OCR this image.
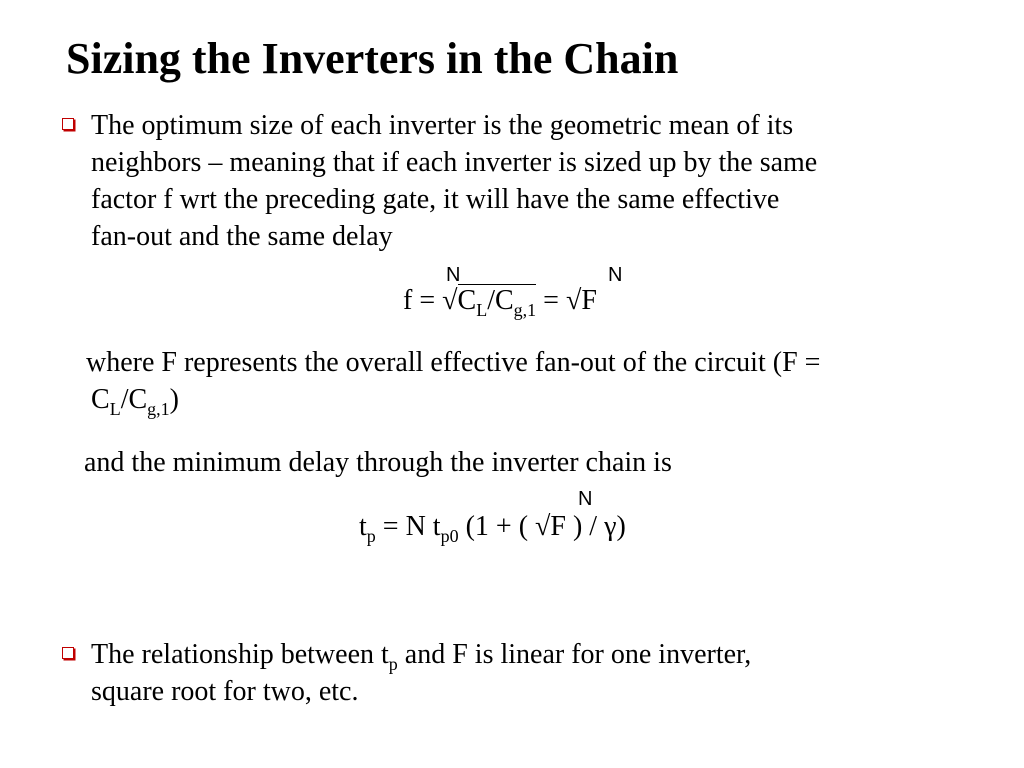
Sizing the Inverters in the Chain
The optimum size of each inverter is the geometric mean of its
neighbors – meaning that if each inverter is sized up by the same
factor f wrt the preceding gate, it will have the same effective
fan-out and the same delay
$f = √C_L/C_{g,1} = √F$
N	N
where F represents the overall effective fan-out of the circuit (F =
$C_L/C_{g,1}$)
and the minimum delay through the inverter chain is
$t_p = N$ $t_{p0}$ (1 + ( √F ) / γ)
N
The relationship between $t_p$ and F is linear for one inverter,
square root for two, etc.
